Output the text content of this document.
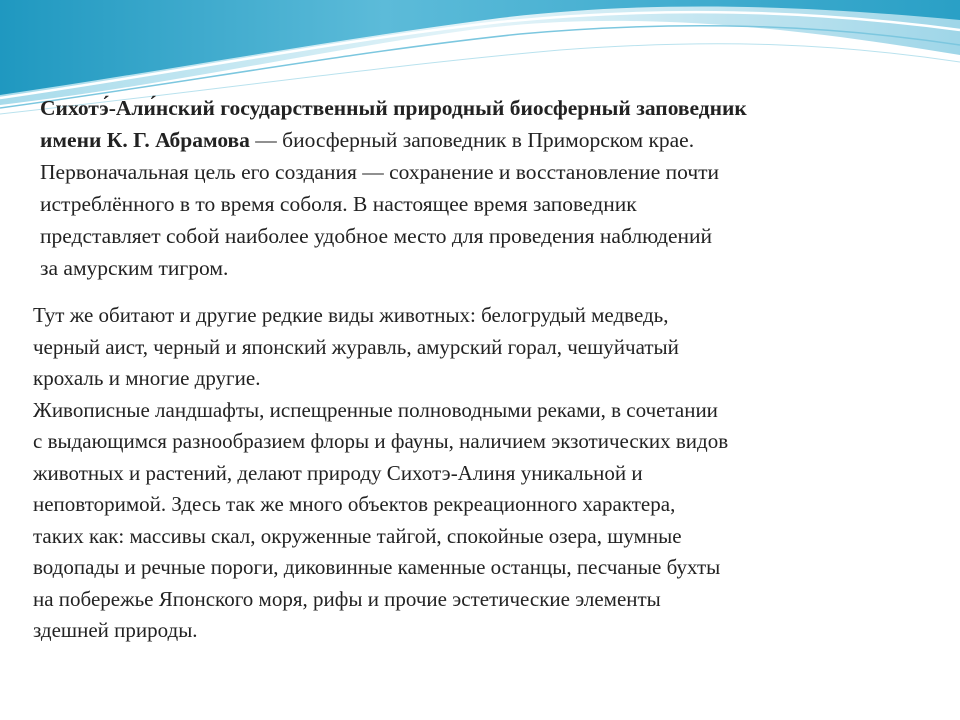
Сихотэ́-Али́нский государственный природный биосферный заповедник
имени К. Г. Абрамова — биосферный заповедник в Приморском крае.
Первоначальная цель его создания — сохранение и восстановление почти
истреблённого в то время соболя. В настоящее время заповедник
представляет собой наиболее удобное место для проведения наблюдений
за амурским тигром.
Тут же обитают и другие редкие виды животных: белогрудый медведь,
черный аист, черный и японский журавль, амурский горал, чешуйчатый
крохаль и многие другие.
Живописные ландшафты, испещренные полноводными реками, в сочетании
с выдающимся разнообразием флоры и фауны, наличием экзотических видов
животных и растений, делают природу Сихотэ-Алиня уникальной и
неповторимой. Здесь так же много объектов рекреационного характера,
таких как: массивы скал, окруженные тайгой, спокойные озера, шумные
водопады и речные пороги, диковинные каменные останцы, песчаные бухты
на побережье Японского моря, рифы и прочие эстетические элементы
здешней природы.
